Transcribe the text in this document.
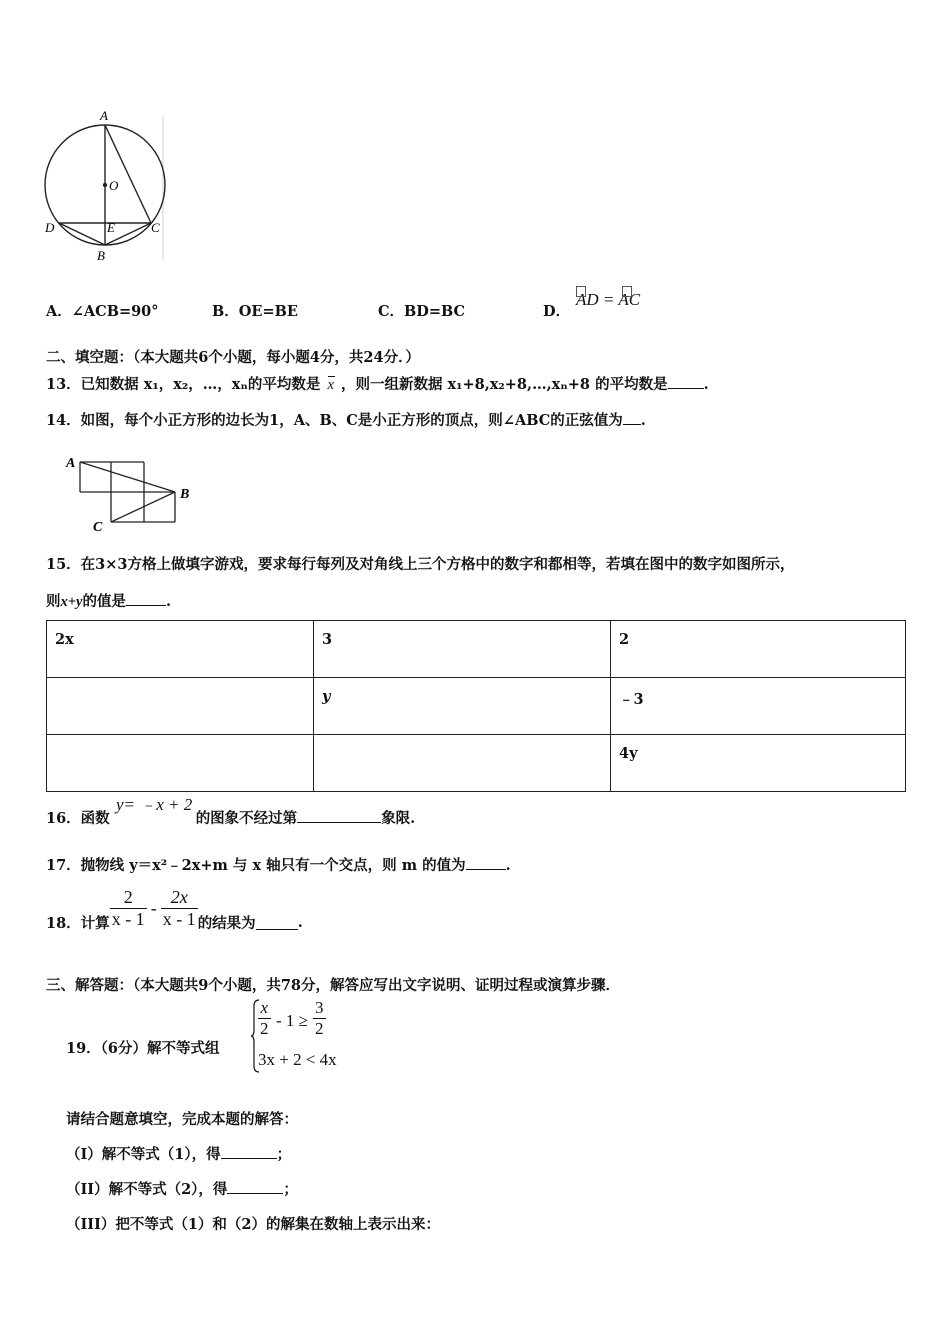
A
O
D	E	C
B
A．∠ACB=90°	B．OE=BE	C．BD=BC	D．
AD = AC
二、填空题：（本大题共6个小题，每小题4分，共24分．）
13．已知数据 x₁，x₂，…，xₙ的平均数是 x ，则一组新数据 x₁+8,x₂+8,…,xₙ+8 的平均数是 .
14．如图，每个小正方形的边长为1，A、B、C是小正方形的顶点，则∠ABC的正弦值为 .
A
B
C
15．在3×3方格上做填字游戏，要求每行每列及对角线上三个方格中的数字和都相等，若填在图中的数字如图所示，
则x+y的值是	.
2x	3	2
	y	﹣3
		4y
y= ﹣x + 2
16．函数	的图象不经过第	象限.
17．抛物线 y＝x²﹣2x+m 与 x 轴只有一个交点，则 m 的值为	.
18．计算 $\frac{2}{x - 1} - \frac{2x}{x - 1}$ 的结果为	.
三、解答题：（本大题共9个小题，共78分，解答应写出文字说明、证明过程或演算步骤．
19．（6分）解不等式组
$\frac{x}{2} - 1 \ge \frac{3}{2}$
3x + 2 < 4x
请结合题意填空，完成本题的解答：
（I）解不等式（1），得	；
（II）解不等式（2），得	；
（III）把不等式（1）和（2）的解集在数轴上表示出来：
